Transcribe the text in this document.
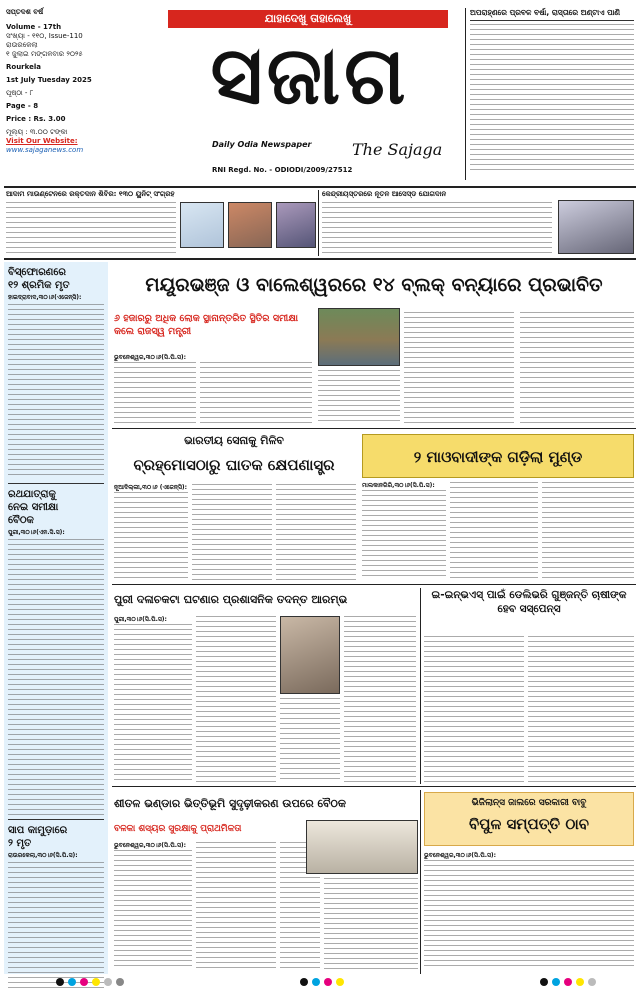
ସପ୍ତଦଶ ବର୍ଷ
Volume - 17th
ସଂଖ୍ୟା - ୧୧୦, Issue-110
ରାଉରକେଲା
୧ ଜୁଲାଇ ମଙ୍ଗଳବାର ୨୦୨୫
Rourkela
1st July Tuesday 2025
ପୃଷ୍ଠା - ୮
Page - 8
Price : Rs. 3.00
ମୂଲ୍ୟ : ୩.୦୦ ଟଙ୍କା
Visit Our Website:
www.sajaganews.com
ଯାହାଦେଖୁ ତାହାଲେଖୁ
ସଜାଗ
Daily Odia Newspaper	The Sajaga
RNI Regd. No. - ODIODI/2009/27512
ଅପରାହ୍ଣରେ ପ୍ରବଳ ବର୍ଷା, ରାସ୍ତାରେ ଅଣ୍ଟାଏ ପାଣି
ଆଦାମ ମାଉଣ୍ଟେନରେ ରକ୍ତଦାନ ଶିବିର: ୧୩୦ ୟୁନିଟ୍ ସଂଗ୍ରହ	କେନ୍ଦ୍ରୀୟସ୍ତରରେ ନୂତନ ଆସେସ୍‌ଡ ଯୋଗଦାନ
ବିସ୍ଫୋରଣରେ
୧୨ ଶ୍ରମିକ ମୃତ
ହାଇଦ୍ରାବାଦ,୩୦।୬(ଏଜେନ୍ସି):
ରଥଯାତ୍ରାକୁ
ନେଇ ସମୀକ୍ଷା
ବୈଠକ
ପୁରୀ,୩୦।୬(ଏନ.ସି.ସ):
ସାପ କାମୁଡ଼ାରେ
୨ ମୃତ
ରାଉରକେଲା,୩୦।୬(ସି.ପି.ସ):
ମୟୂରଭଞ୍ଜ ଓ ବାଲେଶ୍ୱରରେ ୧୪ ବ୍ଲକ୍ ବନ୍ୟାରେ ପ୍ରଭାବିତ
୬ ହଜାରରୁ ଅଧିକ ଲୋକ ସ୍ଥାନାନ୍ତରିତ ସ୍ଥିତିର ସମୀକ୍ଷା କଲେ ରାଜସ୍ୱ ମନ୍ତ୍ରୀ
ଭୁବନେଶ୍ୱର,୩୦।୬(ସି.ପି.ସ):
ଭାରତୀୟ ସେନାକୁ ମିଳିବ
ବ୍ରହ୍ମୋସଠାରୁ ଘାତକ କ୍ଷେପଣାସ୍ତ୍ର
ନୂଆଦିଲ୍ଲୀ,୩୦।୬ (ଏଜେନ୍ସି):
୨ ମାଓବାଦୀଙ୍କ ଗଡ଼ିଲା ମୁଣ୍ଡ
ମାଲକାନଗିରି,୩୦।୬(ସି.ପି.ସ):
ପୁରୀ ଦଳାଚକଟା ଘଟଣାର ପ୍ରଶାସନିକ ତଦନ୍ତ ଆରମ୍ଭ
ପୁରୀ,୩୦।୬(ସି.ପି.ସ):
ଇ-ଇନ୍‌ଭଏସ୍ ପାଇଁ ଡେଲିଭରି ଗୁଞ୍ଜନ୍ତି ଚାଷୀଙ୍କ ହେବ ସସ୍ପେନ୍ସ
ଶୀତଳ ଭଣ୍ଡାର ଭିତ୍ତିଭୂମି ସୁଦୃଢ଼ୀକରଣ ଉପରେ ବୈଠକ
ବଳକା ଶସ୍ୟର ସୁରକ୍ଷାକୁ ପ୍ରାଥମିକତା
ଭୁବନେଶ୍ୱର,୩୦।୬(ସି.ପି.ସ):
ଭିଜିଲାନ୍ସ ଜାଲରେ ସରକାରୀ ବାବୁ
ବିପୁଳ ସମ୍ପତ୍ତି ଠାବ
ଭୁବନେଶ୍ୱର,୩୦।୬(ସି.ପି.ସ):
